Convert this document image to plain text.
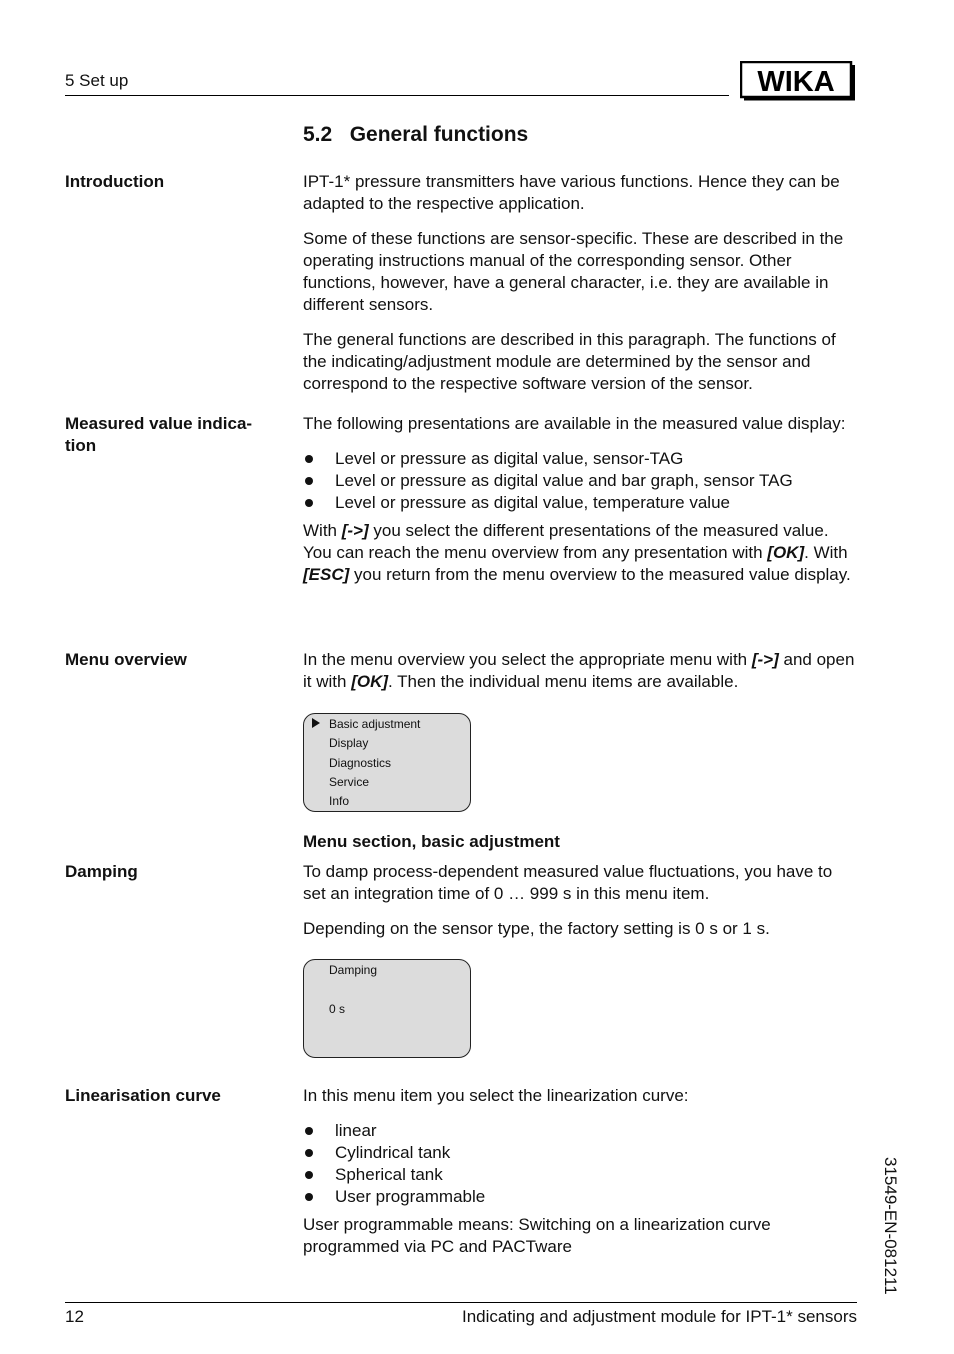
5 Set up	WIKA
5.2   General functions
Introduction	IPT-1* pressure transmitters have various functions. Hence they can be adapted to the respective application.

Some of these functions are sensor-specific. These are described in the operating instructions manual of the corresponding sensor. Other functions, however, have a general character, i.e. they are available in different sensors.

The general functions are described in this paragraph. The functions of the indicating/adjustment module are determined by the sensor and correspond to the respective software version of the sensor.

Measured value indica-tion

The following presentations are available in the measured value display:

Level or pressure as digital value, sensor-TAG
Level or pressure as digital value and bar graph, sensor TAG
Level or pressure as digital value, temperature value

With [->] you select the different presentations of the measured value. You can reach the menu overview from any presentation with [OK]. With [ESC] you return from the menu overview to the measured value display.

Menu overview	In the menu overview you select the appropriate menu with [->] and open it with [OK]. Then the individual menu items are available.

Basic adjustment
Display
Diagnostics
Service
Info
Menu section, basic adjustment
Damping	To damp process-dependent measured value fluctuations, you have to set an integration time of 0 … 999 s in this menu item.

Depending on the sensor type, the factory setting is 0 s or 1 s.

Damping
0 s
Linearisation curve	In this menu item you select the linearization curve:

linear
Cylindrical tank
Spherical tank
User programmable

User programmable means: Switching on a linearization curve programmed via PC and PACTware	31549-EN-081211
12	Indicating and adjustment module for IPT-1* sensors
